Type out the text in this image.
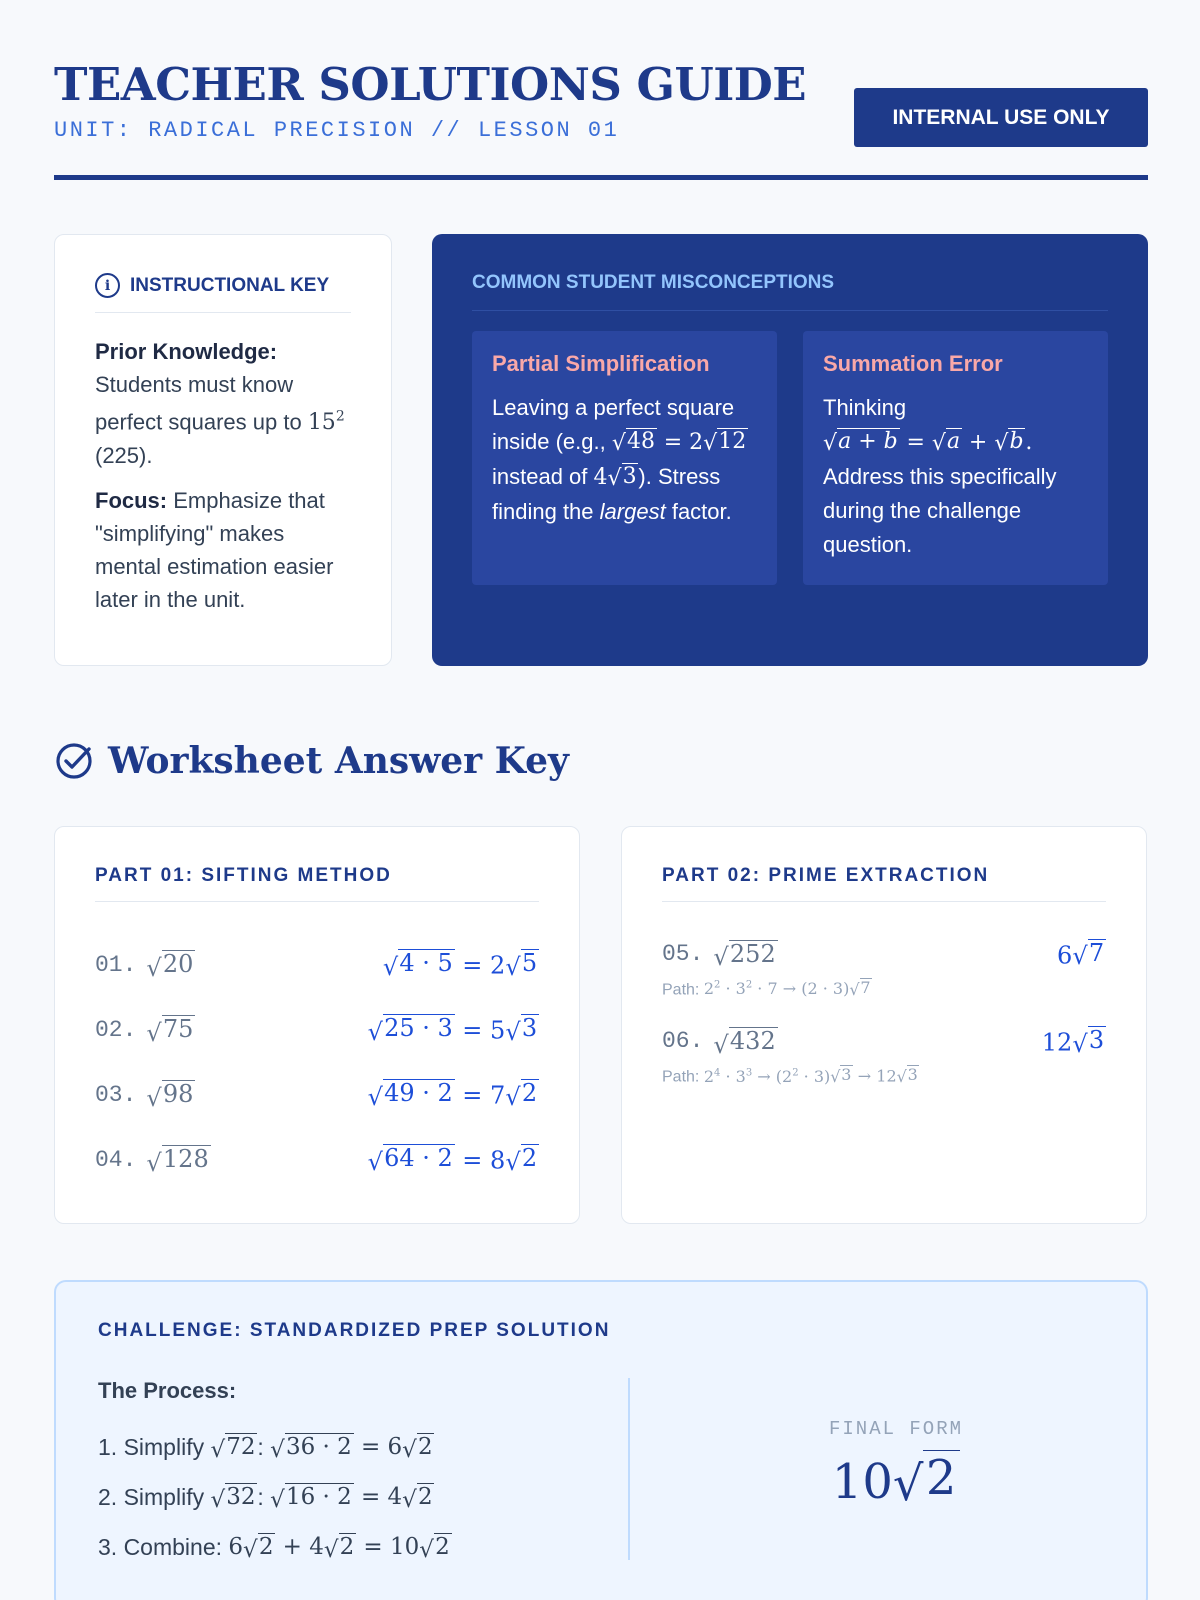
TEACHER SOLUTIONS GUIDE
UNIT: RADICAL PRECISION // LESSON 01
INTERNAL USE ONLY
i	INSTRUCTIONAL KEY

Prior Knowledge: Students must know perfect squares up to $15^2$ (225).

Focus: Emphasize that "simplifying" makes mental estimation easier later in the unit.

COMMON STUDENT MISCONCEPTIONS
Partial Simplification
Leaving a perfect square inside (e.g., √ 48 = 2 √ 12
instead of 4 √ 3 ). Stress finding the largest factor.
Summation Error
Thinking

√ a + b = √ a + √ b .
Address this specifically during the challenge question.
Worksheet Answer Key
PART 01: SIFTING METHOD
01. √ 20	√ 4 · 5 = 2 √ 5
02. √ 75	√ 25 · 3 = 5 √ 3
03. √ 98	√ 49 · 2 = 7 √ 2
04. √ 128	√ 64 · 2 = 8 √ 2
PART 02: PRIME EXTRACTION
05. √ 252	6 √ 7
Path: $2^2 \cdot 3^2 \cdot 7 \to (2 \cdot 3)$ √ 7
06. √ 432	12 √ 3
Path: $2^4 \cdot 3^3 \to (2^2 \cdot 3)$ √ 3 → 12 √ 3
CHALLENGE: STANDARDIZED PREP SOLUTION
The Process:
1. Simplify
√ 72 : √ 36 · 2 = 6 √ 2
2. Simplify
√ 32 : √ 16 · 2 = 4 √ 2
3. Combine:
6 √ 2 + 4 √ 2 = 10 √ 2
FINAL FORM
10 √ 2
